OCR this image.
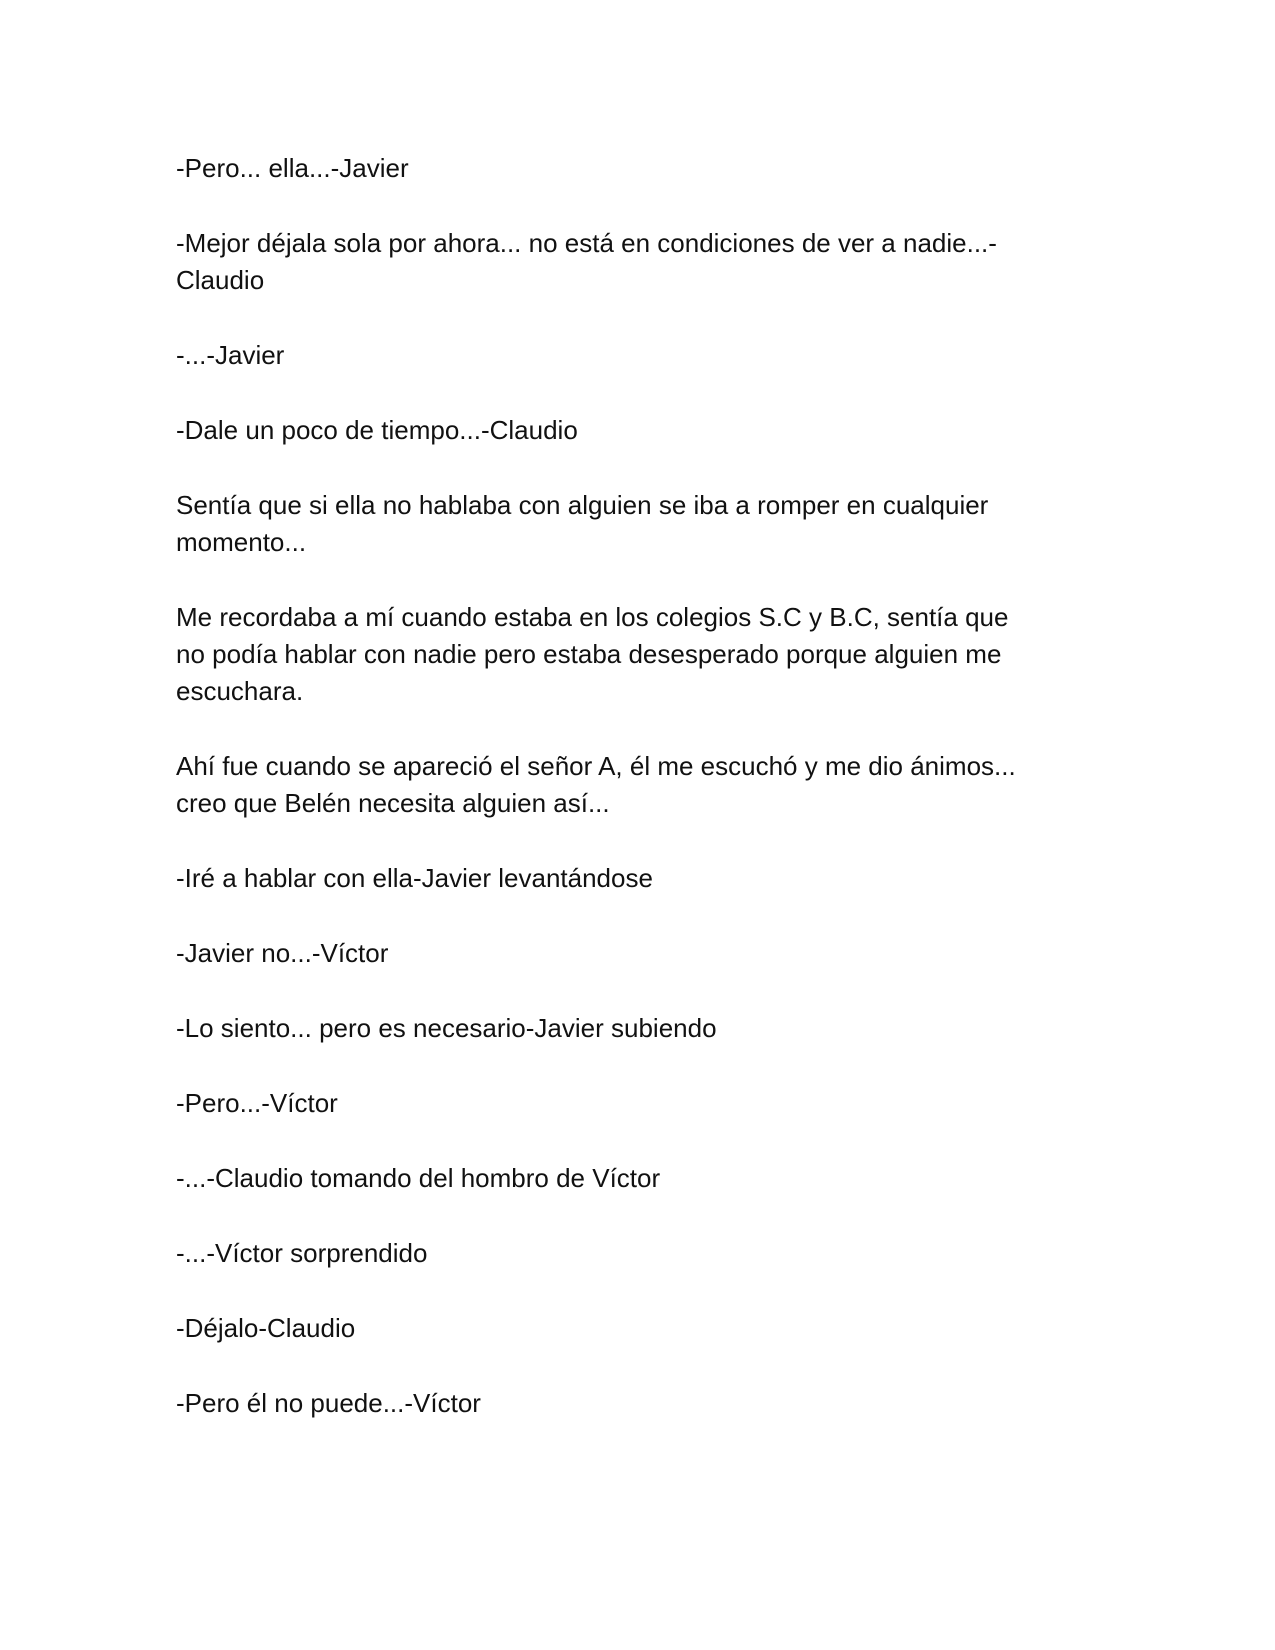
-Pero... ella...-Javier

-Mejor déjala sola por ahora... no está en condiciones de ver a nadie...-
Claudio

-...-Javier

-Dale un poco de tiempo...-Claudio

Sentía que si ella no hablaba con alguien se iba a romper en cualquier
momento...

Me recordaba a mí cuando estaba en los colegios S.C y B.C, sentía que
no podía hablar con nadie pero estaba desesperado porque alguien me
escuchara.

Ahí fue cuando se apareció el señor A, él me escuchó y me dio ánimos...
creo que Belén necesita alguien así...

-Iré a hablar con ella-Javier levantándose

-Javier no...-Víctor

-Lo siento... pero es necesario-Javier subiendo

-Pero...-Víctor

-...-Claudio tomando del hombro de Víctor

-...-Víctor sorprendido

-Déjalo-Claudio

-Pero él no puede...-Víctor
